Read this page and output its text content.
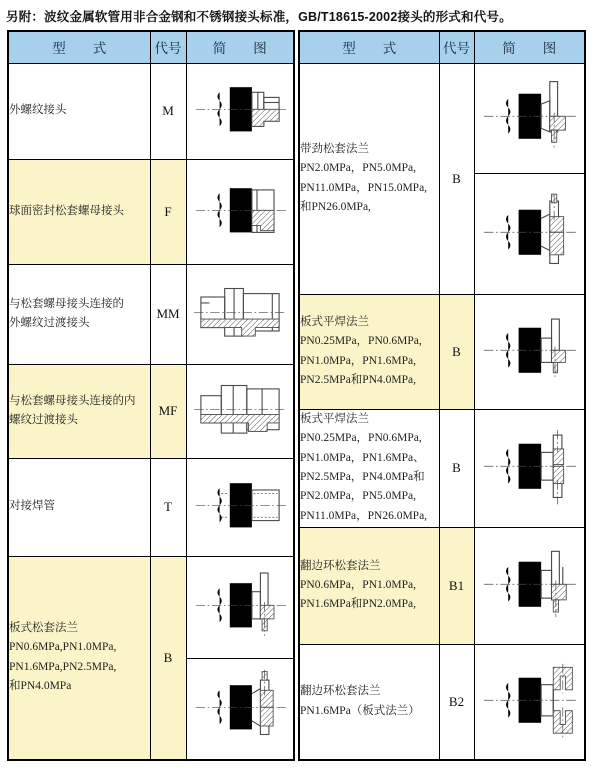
另附：波纹金属软管用非合金钢和不锈钢接头标准，GB/T18615-2002接头的形式和代号。
型　　式	代号	简　　图
外螺纹接头	M	

球面密封松套螺母接头	F	

与松套螺母接头连接的
外螺纹过渡接头	MM	

与松套螺母接头连接的内
螺纹过渡接头	MF	

对接焊管	T	

板式松套法兰
PN0.6MPa,PN1.0MPa,
PN1.6MPa,PN2.5MPa,
和PN4.0MPa	B	

型　　式	代号	简　　图
带劲松套法兰
PN2.0MPa，PN5.0MPa,
PN11.0MPa，PN15.0MPa,
和PN26.0MPa,	B	

板式平焊法兰
PN0.25MPa，PN0.6MPa,
PN1.0MPa，PN1.6MPa,
PN2.5MPa和PN4.0MPa,	B	

板式平焊法兰
PN0.25MPa，PN0.6MPa,
PN1.0MPa，PN1.6MPa、
PN2.5MPa，PN4.0MPa和
PN2.0MPa，PN5.0MPa,
PN11.0MPa，PN26.0MPa,	B	

翻边环松套法兰
PN0.6MPa，PN1.0MPa,
PN1.6MPa和PN2.0MPa,	B1	

翻边环松套法兰
PN1.6MPa（板式法兰）	B2	
